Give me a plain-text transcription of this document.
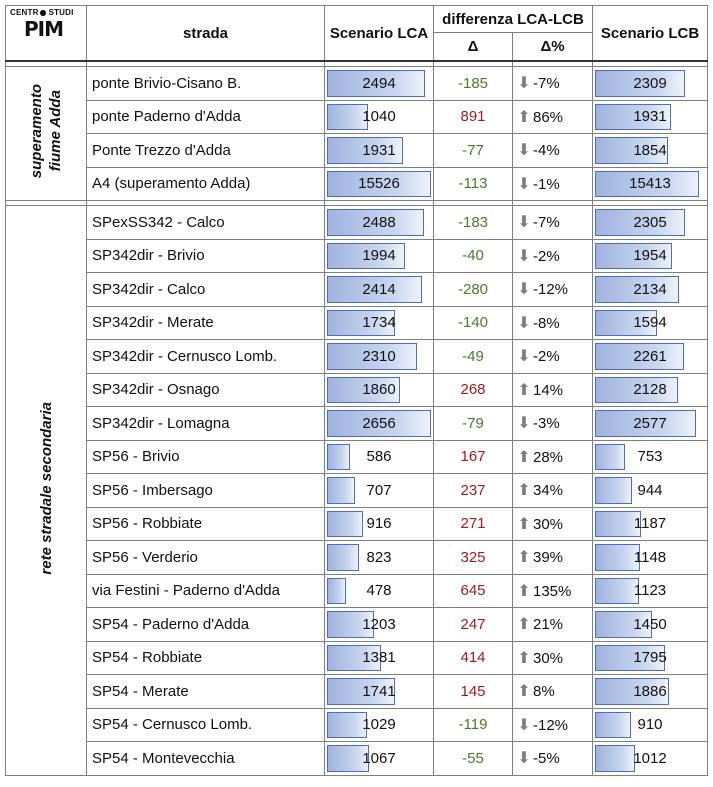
CENTR STUDI
PIM	strada	Scenario LCA	differenza LCA-LCB		Scenario LCB
			Δ	Δ%	

superamento fiume Adda	ponte Brivio-Cisano B.	2494	-185	⬇ -7%	2309
	ponte Paderno d'Adda	1040	891	⬆ 86%	1931
	Ponte Trezzo d'Adda	1931	-77	⬇ -4%	1854
	A4 (superamento Adda)	15526	-113	⬇ -1%	15413

rete stradale secondaria	SPexSS342 - Calco	2488	-183	⬇ -7%	2305
	SP342dir - Brivio	1994	-40	⬇ -2%	1954
	SP342dir - Calco	2414	-280	⬇ -12%	2134
	SP342dir - Merate	1734	-140	⬇ -8%	1594
	SP342dir - Cernusco Lomb.	2310	-49	⬇ -2%	2261
	SP342dir - Osnago	1860	268	⬆ 14%	2128
	SP342dir - Lomagna	2656	-79	⬇ -3%	2577
	SP56 - Brivio	586	167	⬆ 28%	753
	SP56 - Imbersago	707	237	⬆ 34%	944
	SP56 - Robbiate	916	271	⬆ 30%	1187
	SP56 - Verderio	823	325	⬆ 39%	1148
	via Festini - Paderno d'Adda	478	645	⬆ 135%	1123
	SP54 - Paderno d'Adda	1203	247	⬆ 21%	1450
	SP54 - Robbiate	1381	414	⬆ 30%	1795
	SP54 - Merate	1741	145	⬆ 8%	1886
	SP54 - Cernusco Lomb.	1029	-119	⬇ -12%	910
	SP54 - Montevecchia	1067	-55	⬇ -5%	1012
